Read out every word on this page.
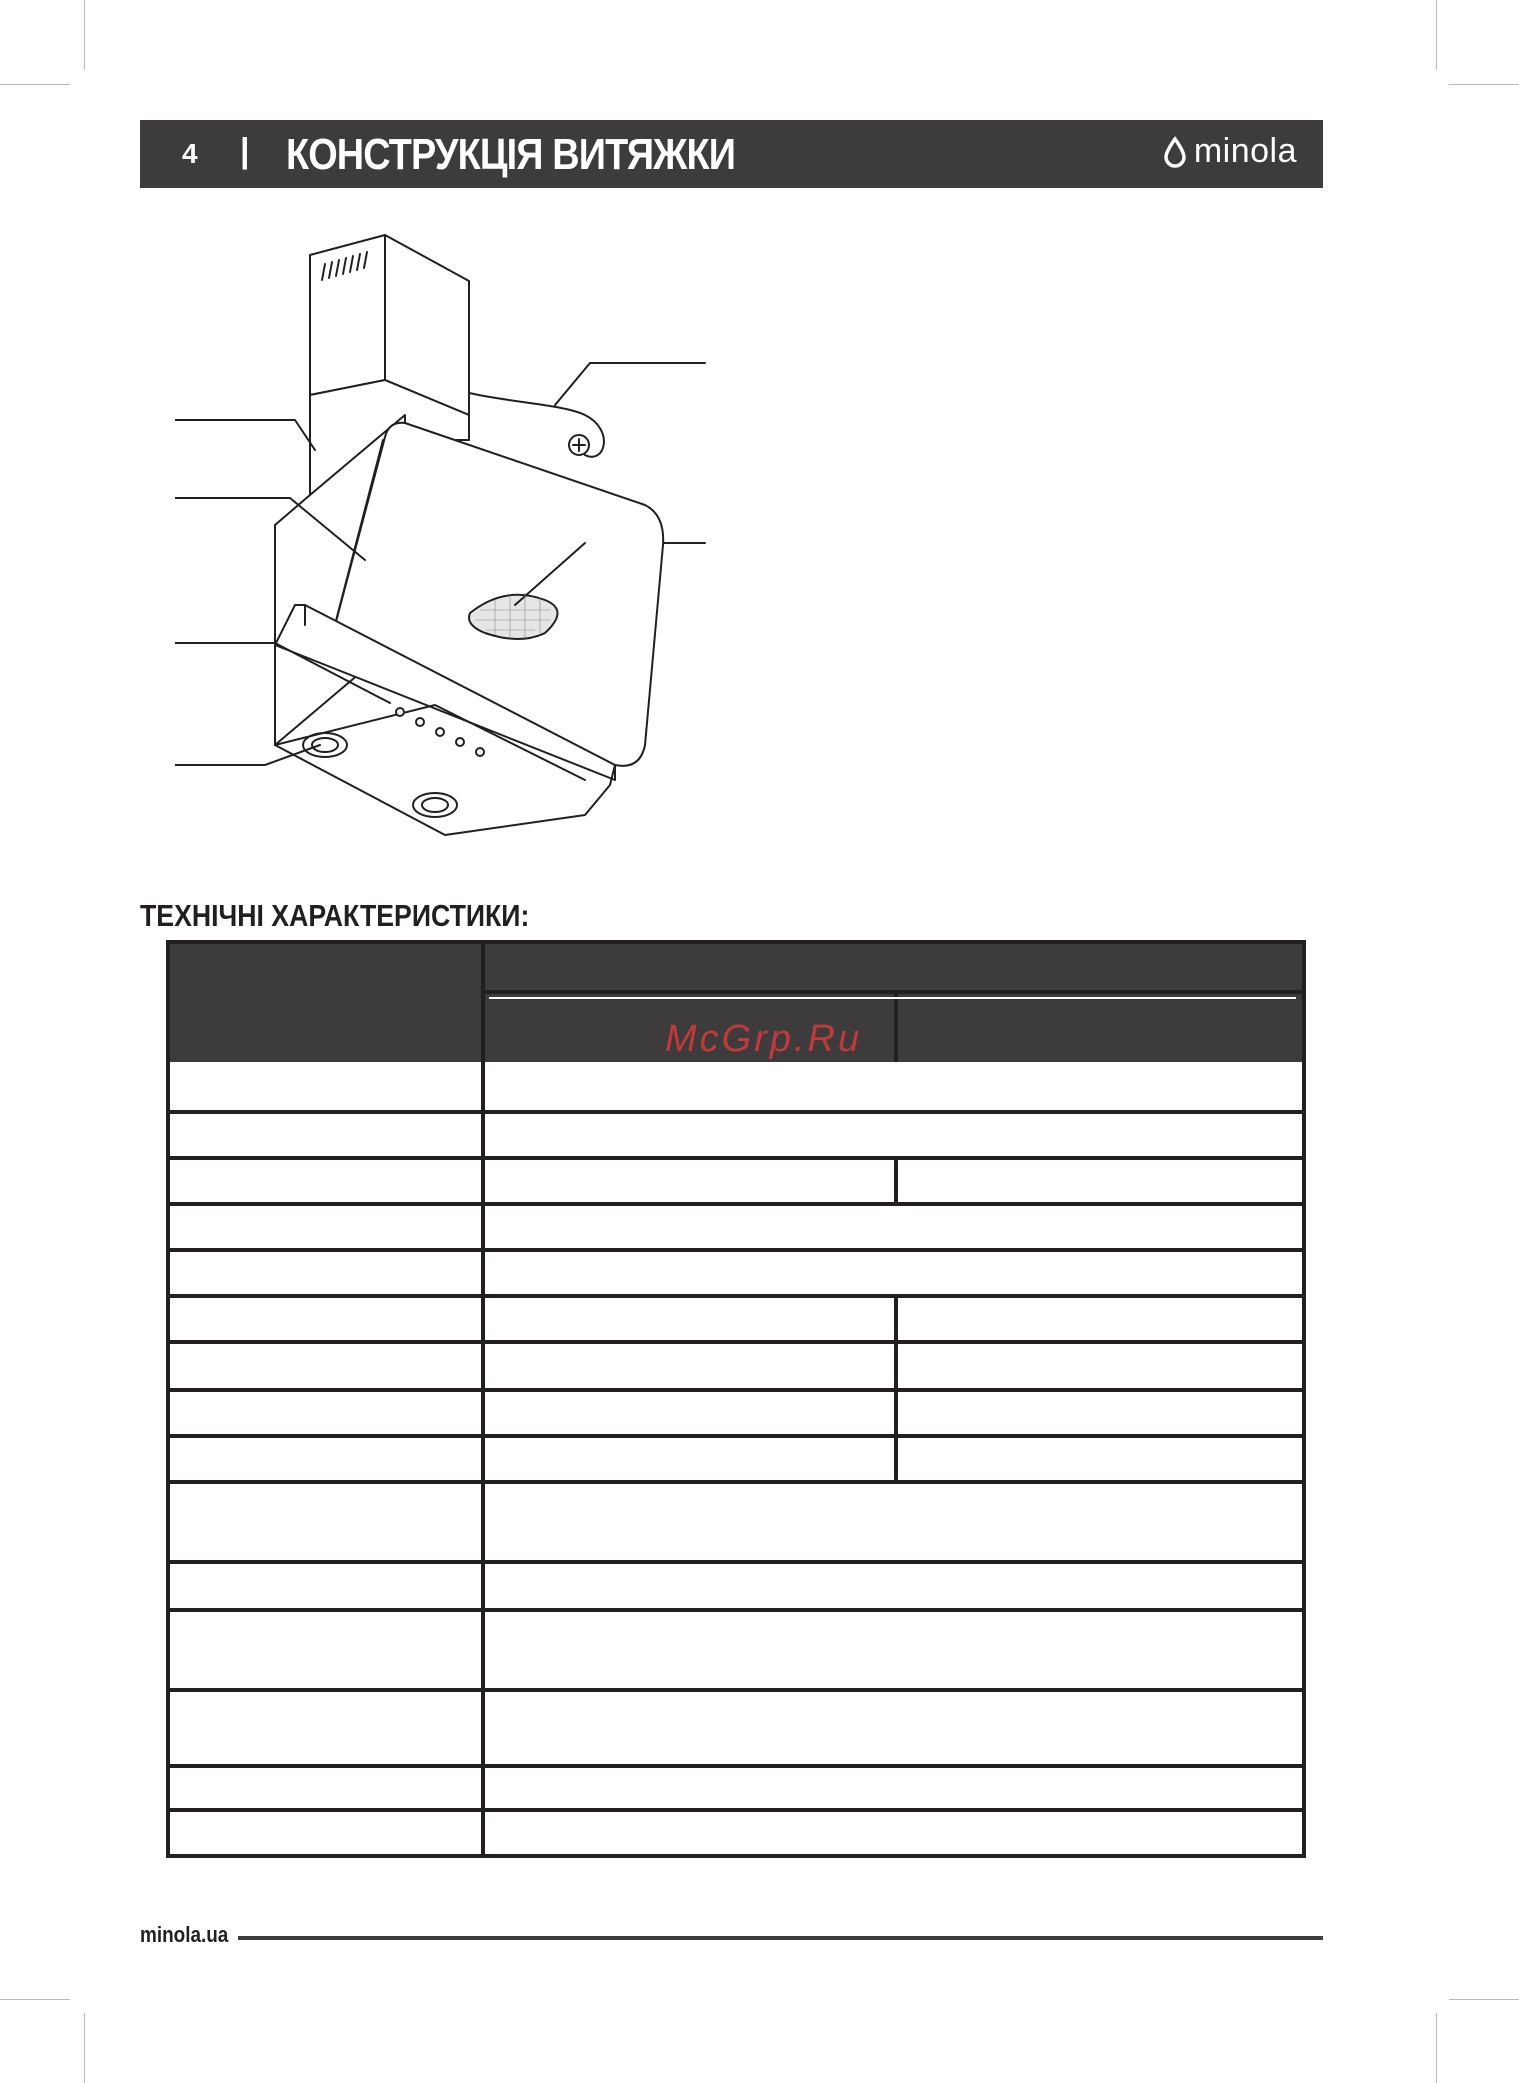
4 | КОНСТРУКЦІЯ ВИТЯЖКИ	minola
ТЕХНІЧНІ ХАРАКТЕРИСТИКИ:
McGrp.Ru
minola.ua
